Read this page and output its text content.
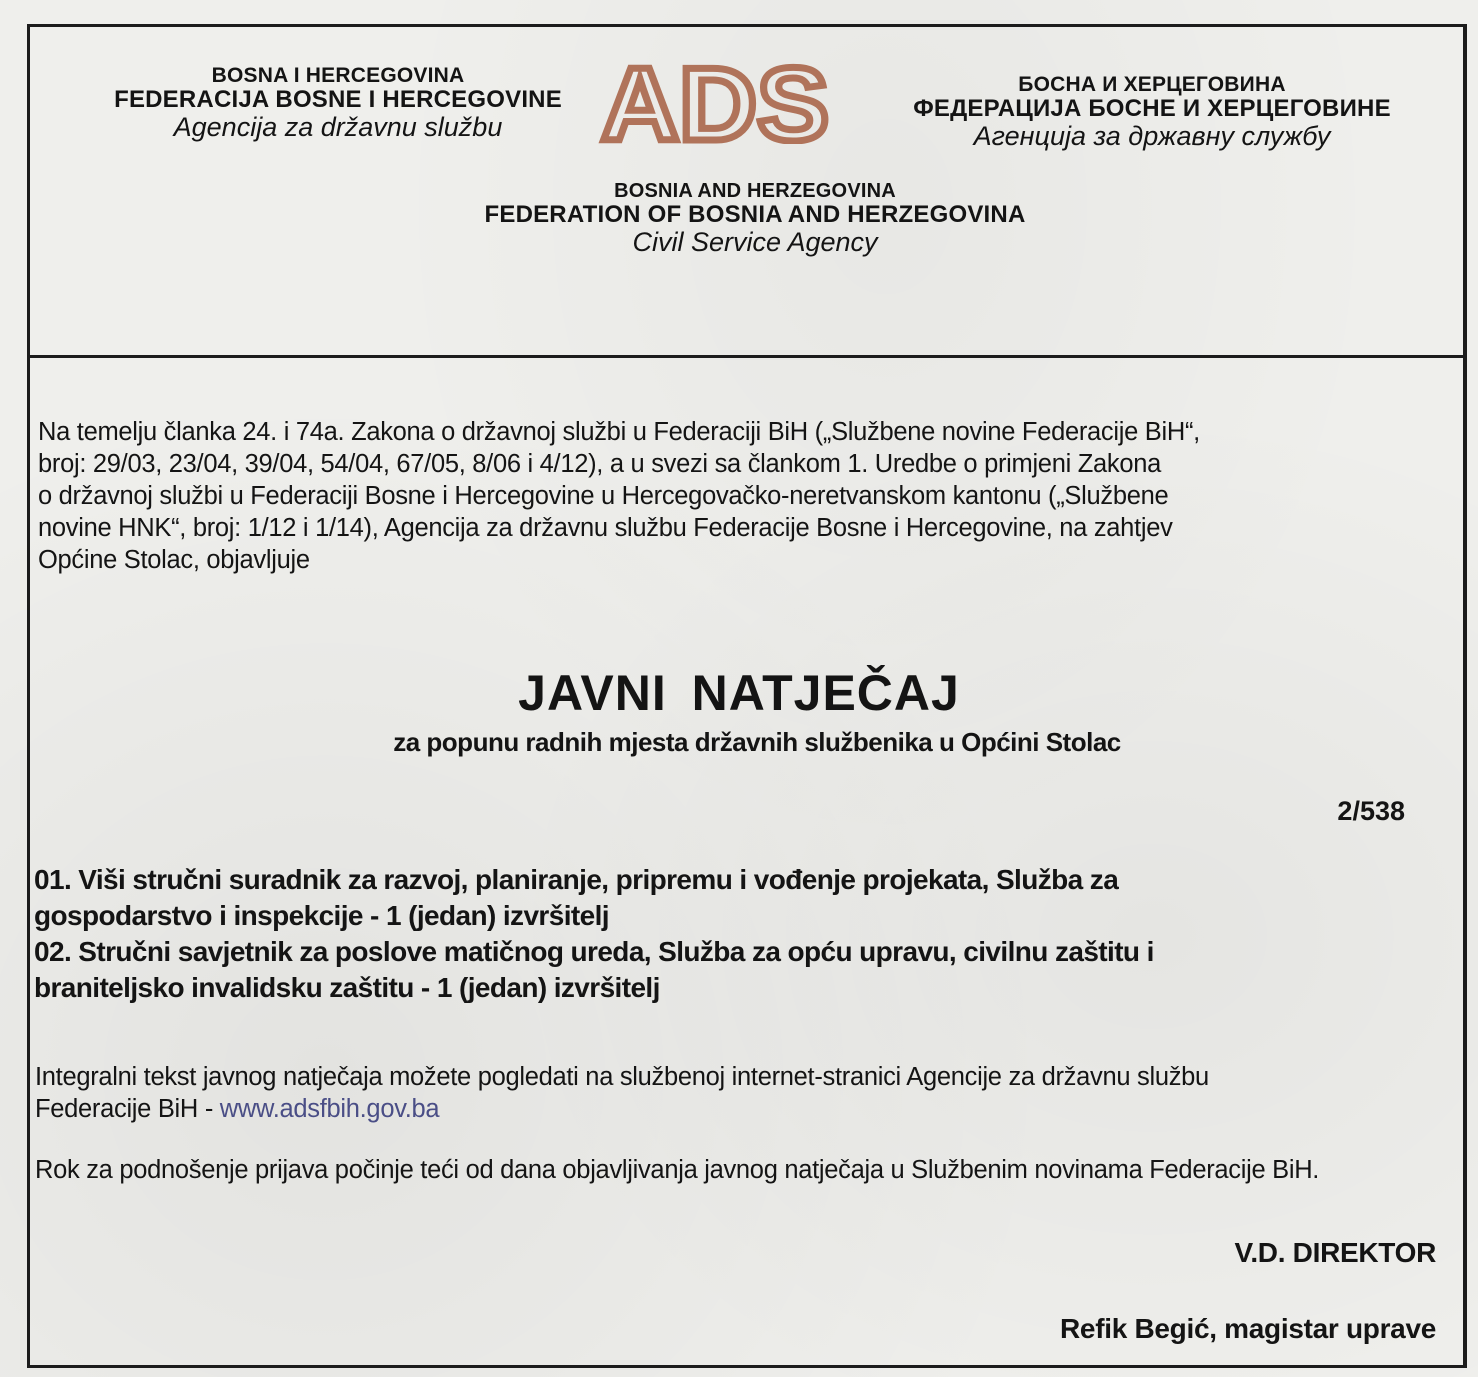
BOSNA I HERCEGOVINA
FEDERACIJA BOSNE I HERCEGOVINE
Agencija za državnu službu ADS	БОСНА И ХЕРЦЕГОВИНА
ФЕДЕРАЦИЈА БОСНЕ И ХЕРЦЕГОВИНЕ
Агенција за државну службу
BOSNIA AND HERZEGOVINA
FEDERATION OF BOSNIA AND HERZEGOVINA
Civil Service Agency
Na temelju članka 24. i 74a. Zakona o državnoj službi u Federaciji BiH („Službene novine Federacije BiH“,
broj: 29/03, 23/04, 39/04, 54/04, 67/05, 8/06 i 4/12), a u svezi sa člankom 1. Uredbe o primjeni Zakona
o državnoj službi u Federaciji Bosne i Hercegovine u Hercegovačko-neretvanskom kantonu („Službene
novine HNK“, broj: 1/12 i 1/14), Agencija za državnu službu Federacije Bosne i Hercegovine, na zahtjev
Općine Stolac, objavljuje
JAVNI NATJEČAJ
za popunu radnih mjesta državnih službenika u Općini Stolac
2/538
01. Viši stručni suradnik za razvoj, planiranje, pripremu i vođenje projekata, Služba za
gospodarstvo i inspekcije - 1 (jedan) izvršitelj
02. Stručni savjetnik za poslove matičnog ureda, Služba za opću upravu, civilnu zaštitu i
braniteljsko invalidsku zaštitu - 1 (jedan) izvršitelj
Integralni tekst javnog natječaja možete pogledati na službenoj internet-stranici Agencije za državnu službu
Federacije BiH - www.adsfbih.gov.ba
Rok za podnošenje prijava počinje teći od dana objavljivanja javnog natječaja u Službenim novinama Federacije BiH.
V.D. DIREKTOR
Refik Begić, magistar uprave
